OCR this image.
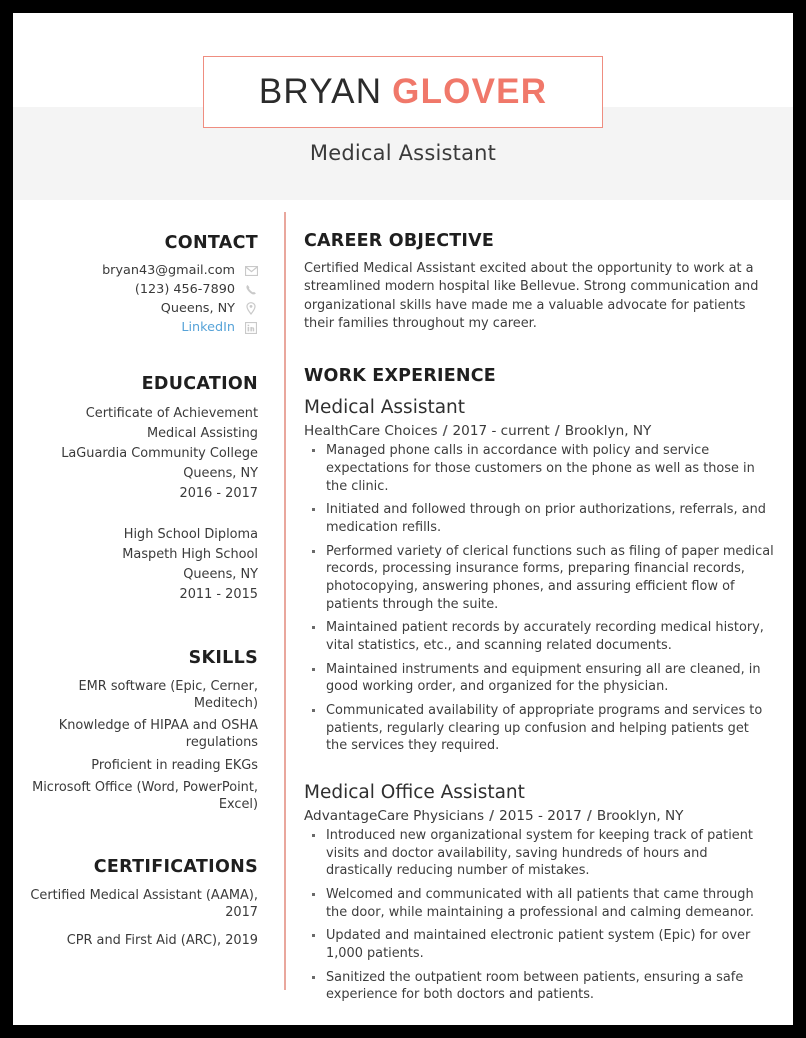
BRYAN GLOVER
Medical Assistant
CONTACT
bryan43@gmail.com
(123) 456-7890
Queens, NY
LinkedIn
EDUCATION
Certificate of Achievement
Medical Assisting
LaGuardia Community College
Queens, NY
2016 - 2017
High School Diploma
Maspeth High School
Queens, NY
2011 - 2015
SKILLS
EMR software (Epic, Cerner, Meditech)
Knowledge of HIPAA and OSHA regulations
Proficient in reading EKGs
Microsoft Office (Word, PowerPoint, Excel)
CERTIFICATIONS
Certified Medical Assistant (AAMA), 2017
CPR and First Aid (ARC), 2019
CAREER OBJECTIVE

Certified Medical Assistant excited about the opportunity to work at a streamlined modern hospital like Bellevue. Strong communication and organizational skills have made me a valuable advocate for patients their families throughout my career.

WORK EXPERIENCE
Medical Assistant
HealthCare Choices / 2017 - current / Brooklyn, NY
Managed phone calls in accordance with policy and service expectations for those customers on the phone as well as those in the clinic.
Initiated and followed through on prior authorizations, referrals, and medication refills.
Performed variety of clerical functions such as filing of paper medical records, processing insurance forms, preparing financial records, photocopying, answering phones, and assuring efficient flow of patients through the suite.
Maintained patient records by accurately recording medical history, vital statistics, etc., and scanning related documents.
Maintained instruments and equipment ensuring all are cleaned, in good working order, and organized for the physician.
Communicated availability of appropriate programs and services to patients, regularly clearing up confusion and helping patients get the services they required.
Medical Office Assistant
AdvantageCare Physicians / 2015 - 2017 / Brooklyn, NY
Introduced new organizational system for keeping track of patient visits and doctor availability, saving hundreds of hours and drastically reducing number of mistakes.
Welcomed and communicated with all patients that came through the door, while maintaining a professional and calming demeanor.
Updated and maintained electronic patient system (Epic) for over 1,000 patients.
Sanitized the outpatient room between patients, ensuring a safe experience for both doctors and patients.
